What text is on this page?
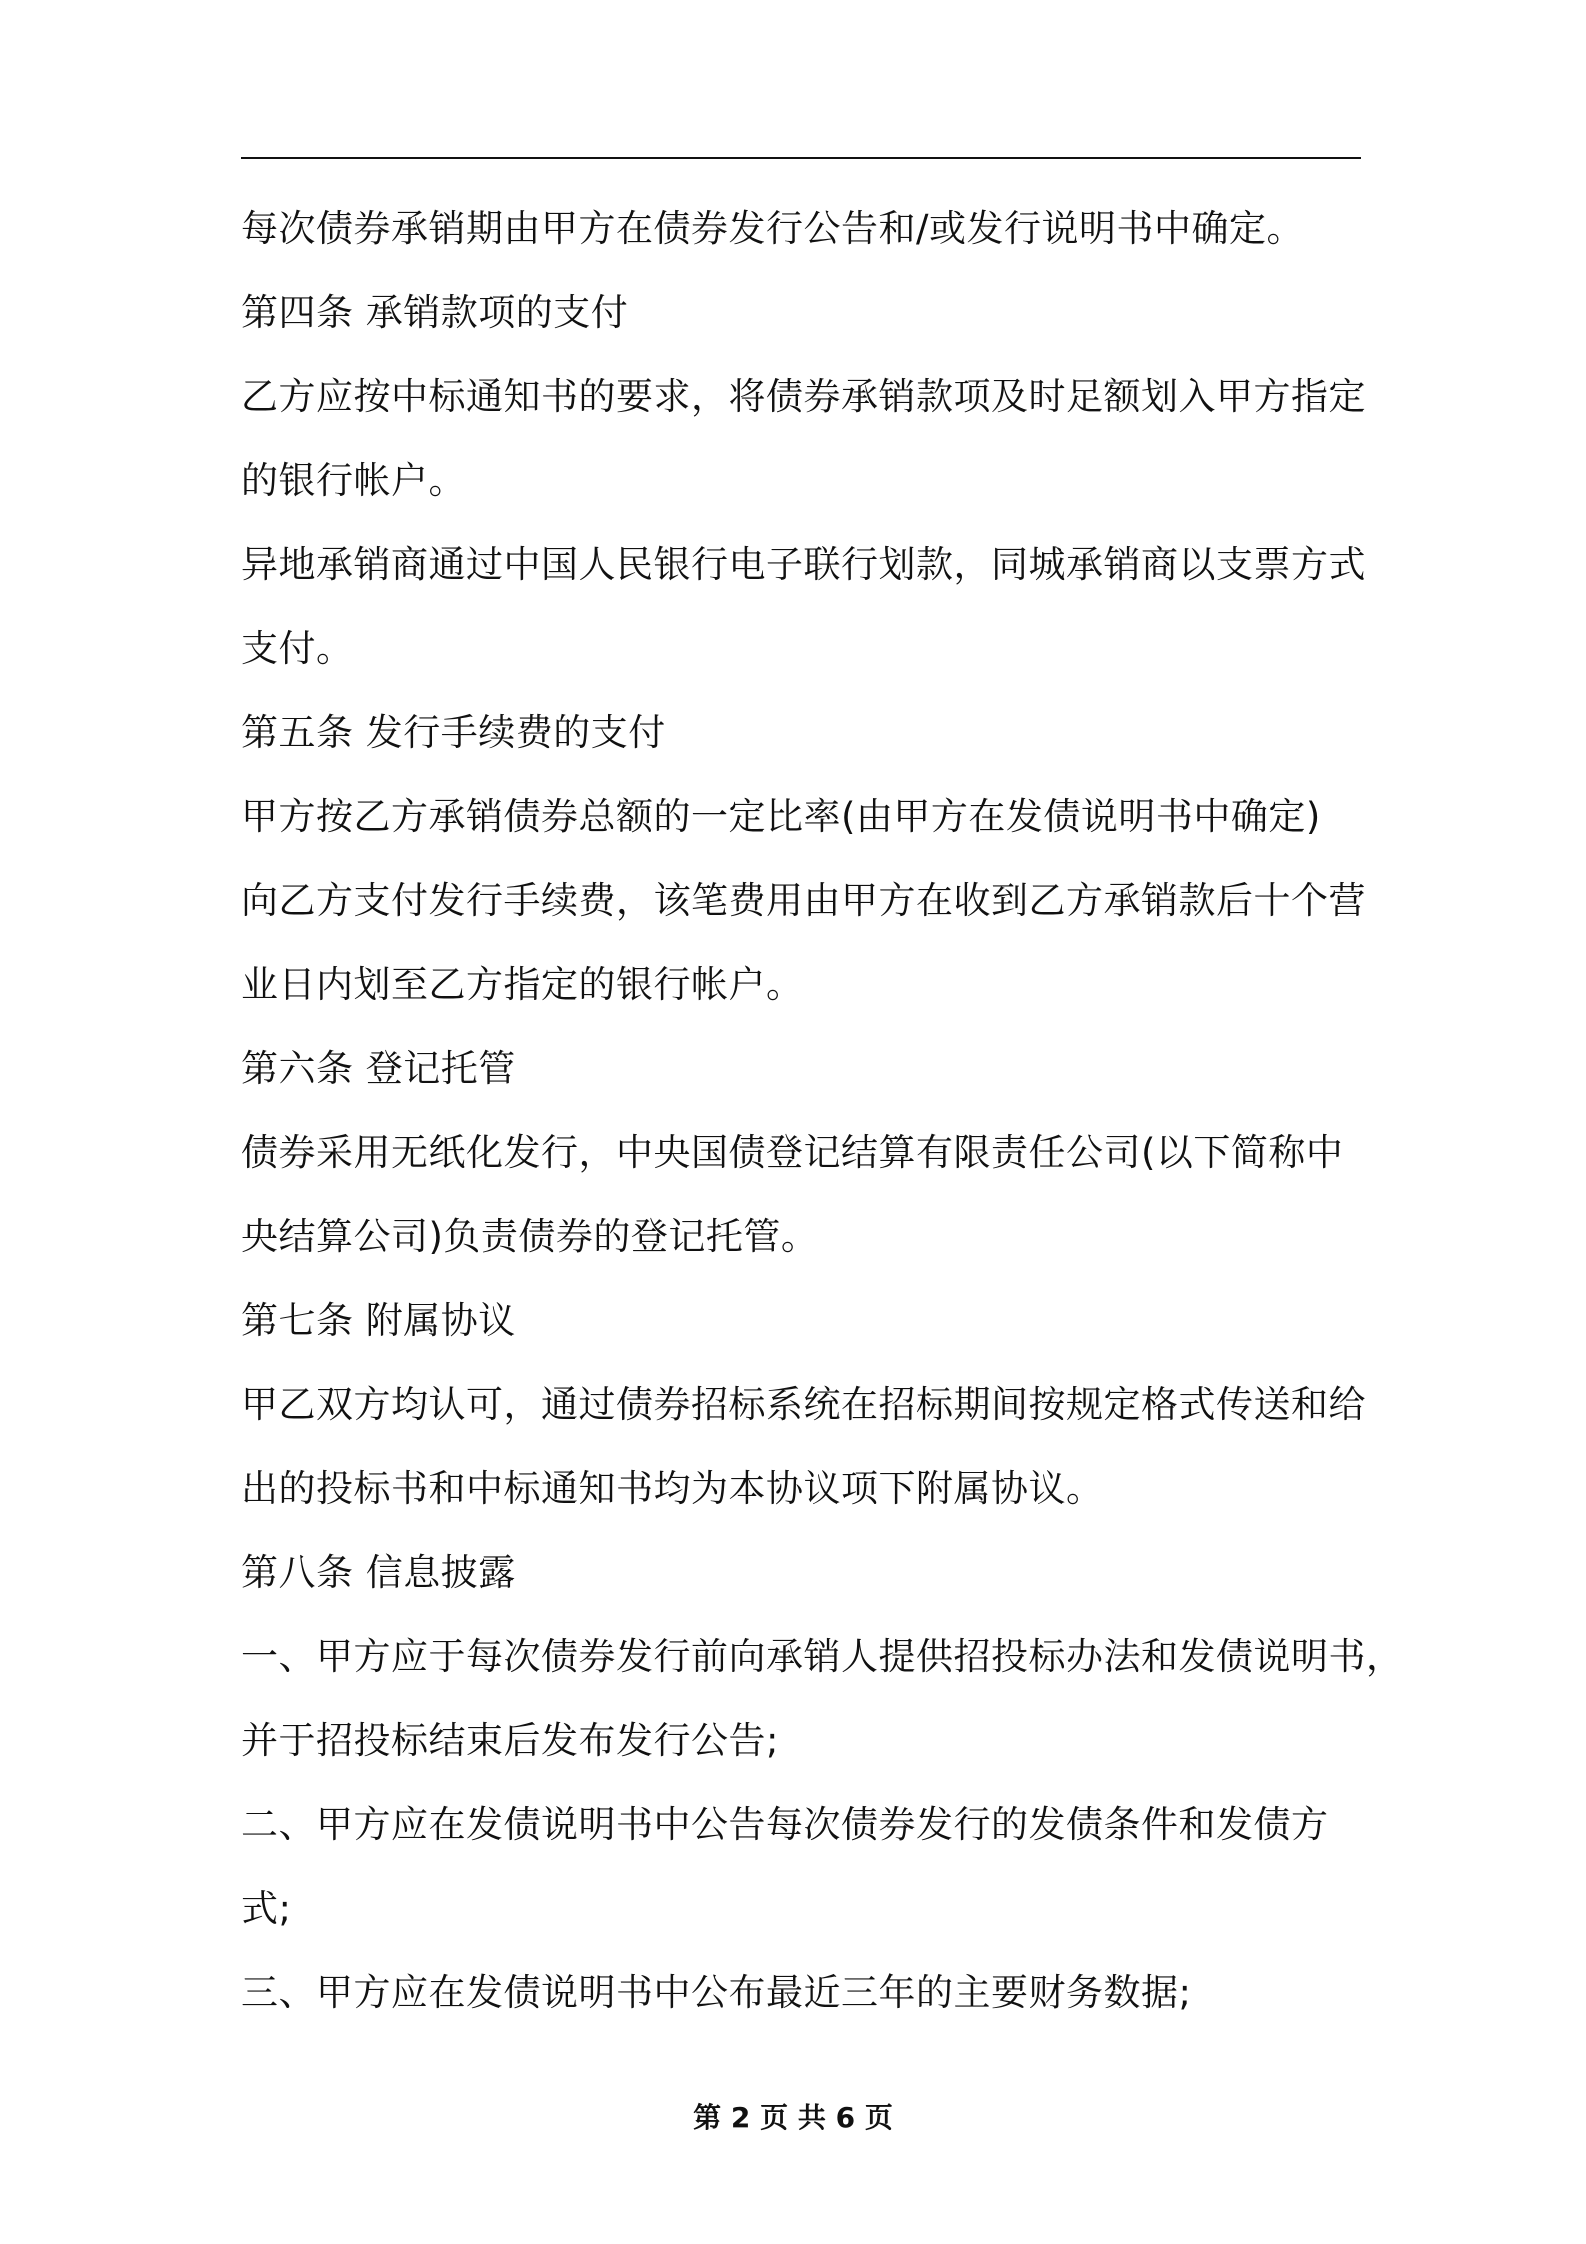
每次债券承销期由甲方在债券发行公告和/或发行说明书中确定。
第四条 承销款项的支付
乙方应按中标通知书的要求，将债券承销款项及时足额划入甲方指定
的银行帐户。
异地承销商通过中国人民银行电子联行划款，同城承销商以支票方式
支付。
第五条 发行手续费的支付
甲方按乙方承销债券总额的一定比率(由甲方在发债说明书中确定)
向乙方支付发行手续费，该笔费用由甲方在收到乙方承销款后十个营
业日内划至乙方指定的银行帐户。
第六条 登记托管
债券采用无纸化发行，中央国债登记结算有限责任公司(以下简称中
央结算公司)负责债券的登记托管。
第七条 附属协议
甲乙双方均认可，通过债券招标系统在招标期间按规定格式传送和给
出的投标书和中标通知书均为本协议项下附属协议。
第八条 信息披露
一、甲方应于每次债券发行前向承销人提供招投标办法和发债说明书，
并于招投标结束后发布发行公告;
二、甲方应在发债说明书中公告每次债券发行的发债条件和发债方
式;
三、甲方应在发债说明书中公布最近三年的主要财务数据;
第 2 页 共 6 页
